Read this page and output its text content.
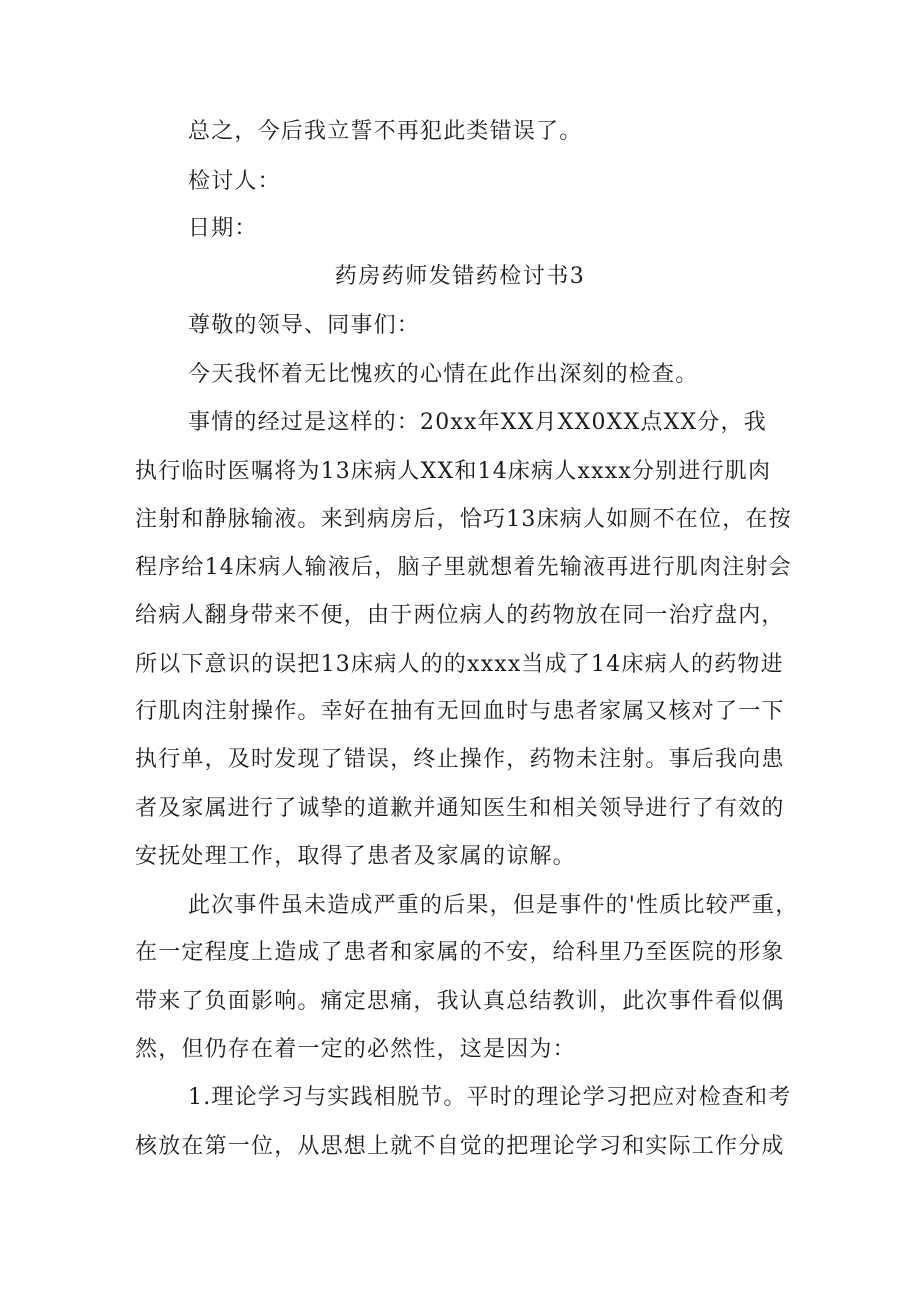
总之，今后我立誓不再犯此类错误了。
检讨人：
日期：
药房药师发错药检讨书3
尊敬的领导、同事们：
今天我怀着无比愧疚的心情在此作出深刻的检查。
事情的经过是这样的：20xx年XX月XX0XX点XX分，我
执行临时医嘱将为13床病人XX和14床病人xxxx分别进行肌肉
注射和静脉输液。来到病房后，恰巧13床病人如厕不在位，在按
程序给14床病人输液后，脑子里就想着先输液再进行肌肉注射会
给病人翻身带来不便，由于两位病人的药物放在同一治疗盘内，
所以下意识的误把13床病人的的xxxx当成了14床病人的药物进
行肌肉注射操作。幸好在抽有无回血时与患者家属又核对了一下
执行单，及时发现了错误，终止操作，药物未注射。事后我向患
者及家属进行了诚挚的道歉并通知医生和相关领导进行了有效的
安抚处理工作，取得了患者及家属的谅解。
此次事件虽未造成严重的后果，但是事件的'性质比较严重，
在一定程度上造成了患者和家属的不安，给科里乃至医院的形象
带来了负面影响。痛定思痛，我认真总结教训，此次事件看似偶
然，但仍存在着一定的必然性，这是因为：
1.理论学习与实践相脱节。平时的理论学习把应对检查和考
核放在第一位，从思想上就不自觉的把理论学习和实际工作分成
